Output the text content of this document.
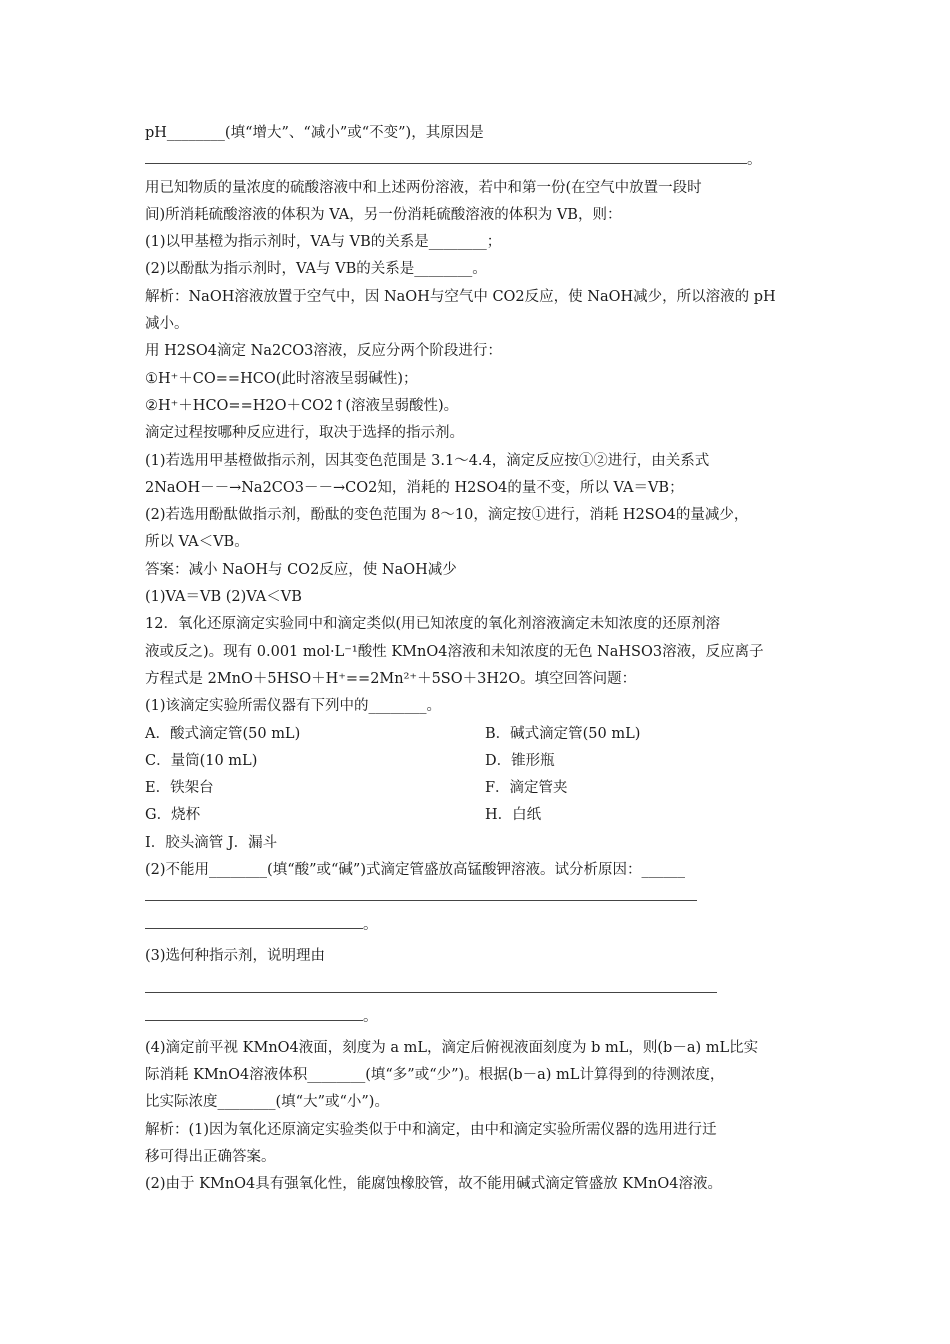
pH________(填“增大”、“减小”或“不变”)，其原因是
。
用已知物质的量浓度的硫酸溶液中和上述两份溶液，若中和第一份(在空气中放置一段时
间)所消耗硫酸溶液的体积为 VA，另一份消耗硫酸溶液的体积为 VB，则：
(1)以甲基橙为指示剂时，VA与 VB的关系是________；
(2)以酚酞为指示剂时，VA与 VB的关系是________。
解析：NaOH溶液放置于空气中，因 NaOH与空气中 CO2反应，使 NaOH减少，所以溶液的 pH
减小。
用 H2SO4滴定 Na2CO3溶液，反应分两个阶段进行：
①H⁺＋CO==HCO(此时溶液呈弱碱性)；
②H⁺＋HCO==H2O＋CO2↑(溶液呈弱酸性)。
滴定过程按哪种反应进行，取决于选择的指示剂。
(1)若选用甲基橙做指示剂，因其变色范围是 3.1～4.4，滴定反应按①②进行，由关系式
2NaOH－－→Na2CO3－－→CO2知，消耗的 H2SO4的量不变，所以 VA＝VB；
(2)若选用酚酞做指示剂，酚酞的变色范围为 8～10，滴定按①进行，消耗 H2SO4的量减少，
所以 VA＜VB。
答案：减小 NaOH与 CO2反应，使 NaOH减少
(1)VA＝VB (2)VA＜VB
12．氧化还原滴定实验同中和滴定类似(用已知浓度的氧化剂溶液滴定未知浓度的还原剂溶
液或反之)。现有 0.001 mol·L⁻¹酸性 KMnO4溶液和未知浓度的无色 NaHSO3溶液，反应离子
方程式是 2MnO＋5HSO＋H⁺==2Mn²⁺＋5SO＋3H2O。填空回答问题：
(1)该滴定实验所需仪器有下列中的________。
A．酸式滴定管(50 mL)	B．碱式滴定管(50 mL)
C．量筒(10 mL)	D．锥形瓶
E．铁架台	F．滴定管夹
G．烧杯	H．白纸
I．胶头滴管 J．漏斗
(2)不能用________(填“酸”或“碱”)式滴定管盛放高锰酸钾溶液。试分析原因：______
。
(3)选何种指示剂，说明理由
。
(4)滴定前平视 KMnO4液面，刻度为 a mL，滴定后俯视液面刻度为 b mL，则(b－a) mL比实
际消耗 KMnO4溶液体积________(填“多”或“少”)。根据(b－a) mL计算得到的待测浓度，
比实际浓度________(填“大”或“小”)。
解析：(1)因为氧化还原滴定实验类似于中和滴定，由中和滴定实验所需仪器的选用进行迁
移可得出正确答案。
(2)由于 KMnO4具有强氧化性，能腐蚀橡胶管，故不能用碱式滴定管盛放 KMnO4溶液。
